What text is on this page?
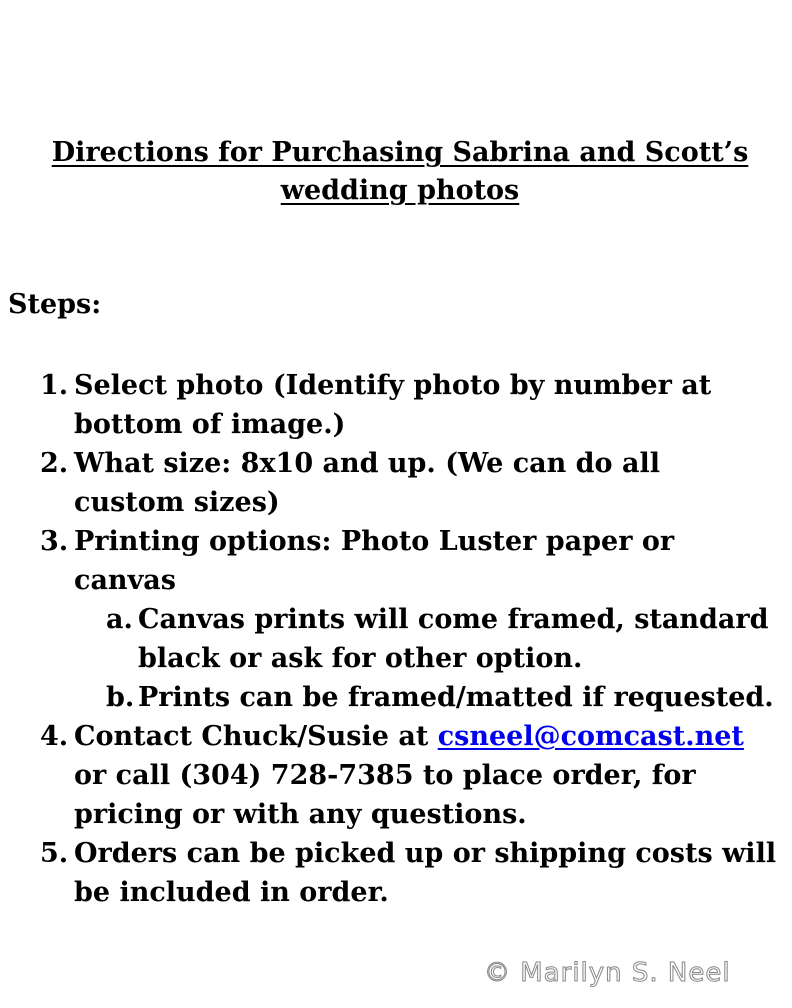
Directions for Purchasing Sabrina and Scott’s wedding photos
Steps:
1. Select photo (Identify photo by number at bottom of image.)
2. What size: 8x10 and up. (We can do all custom sizes)
3. Printing options: Photo Luster paper or canvas
a. Canvas prints will come framed, standard black or ask for other option.
b. Prints can be framed/matted if requested.
4. Contact Chuck/Susie at csneel@comcast.net or call (304) 728-7385 to place order, for pricing or with any questions.
5. Orders can be picked up or shipping costs will be included in order.
© Marilyn S. Neel
